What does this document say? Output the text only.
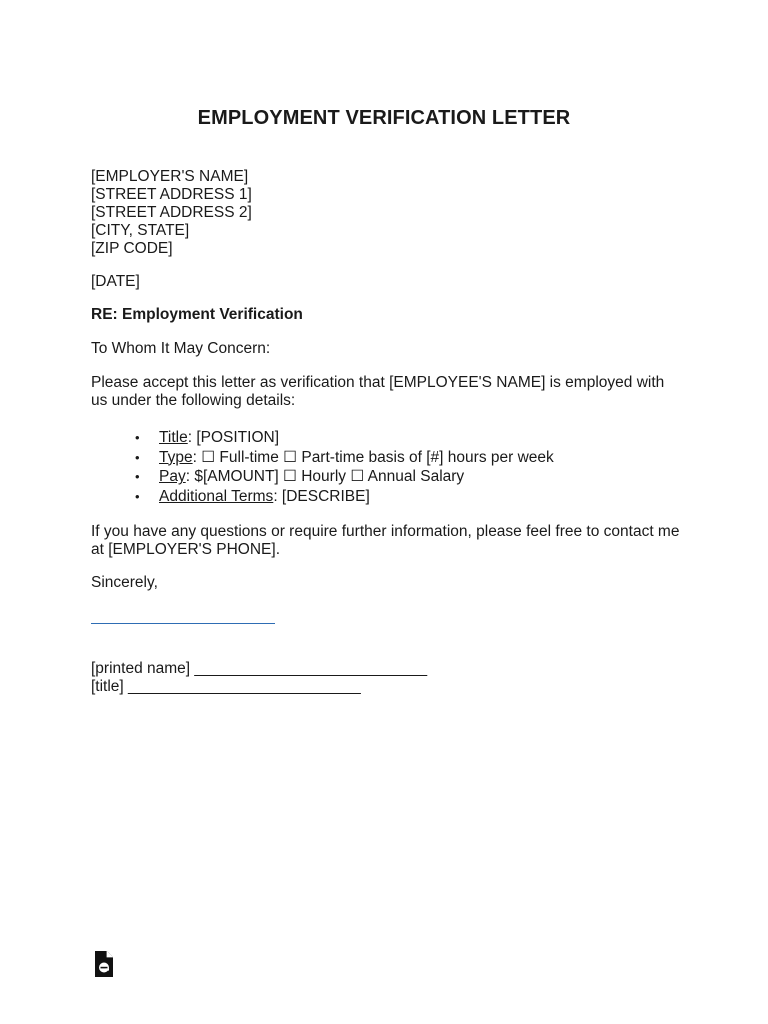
EMPLOYMENT VERIFICATION LETTER
[EMPLOYER'S NAME]
[STREET ADDRESS 1]
[STREET ADDRESS 2]
[CITY, STATE]
[ZIP CODE]
[DATE]
RE: Employment Verification
To Whom It May Concern:
Please accept this letter as verification that [EMPLOYEE'S NAME] is employed with us under the following details:
• Title: [POSITION]
• Type: ☐ Full-time ☐ Part-time basis of [#] hours per week
• Pay: $[AMOUNT] ☐ Hourly ☐ Annual Salary
• Additional Terms: [DESCRIBE]
If you have any questions or require further information, please feel free to contact me at [EMPLOYER'S PHONE].
Sincerely,
[printed name] ___________________________
[title] ___________________________
